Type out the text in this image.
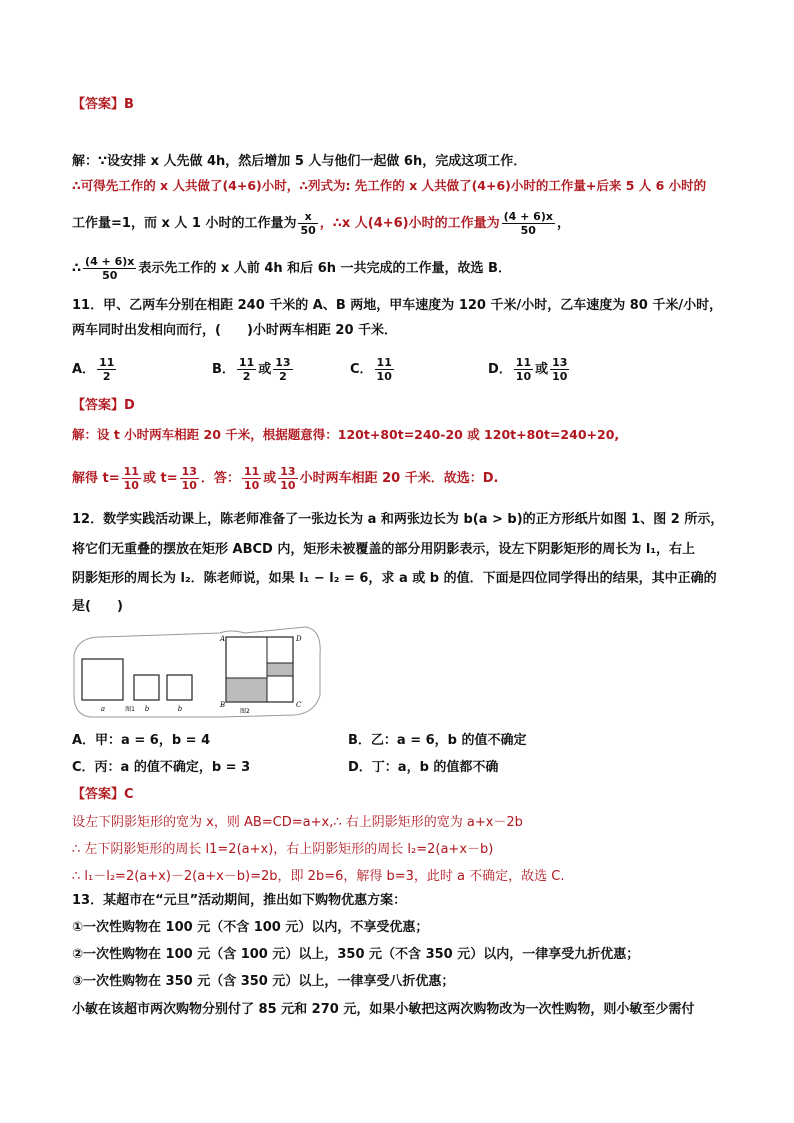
【答案】B
解：∵设安排 x 人先做 4h，然后增加 5 人与他们一起做 6h，完成这项工作．
∴可得先工作的 x 人共做了(4+6)小时，∴列式为: 先工作的 x 人共做了(4+6)小时的工作量+后来 5 人 6 小时的
工作量=1，而 x 人 1 小时的工作量为 $\frac{x}{50}$ ，∴x 人(4+6)小时的工作量为 $\frac{(4 + 6)x}{50}$ ，
∴ $\frac{(4 + 6)x}{50}$ 表示先工作的 x 人前 4h 和后 6h 一共完成的工作量，故选 B．
11．甲、乙两车分别在相距 240 千米的 A、B 两地，甲车速度为 120 千米/小时，乙车速度为 80 千米/小时，
两车同时出发相向而行，(　　)小时两车相距 20 千米．
A． $\frac{11}{2}$	B． $\frac{11}{2}$ 或 $\frac{13}{2}$	C． $\frac{11}{10}$	D． $\frac{11}{10}$ 或 $\frac{13}{10}$
【答案】D
解：设 t 小时两车相距 20 千米，根据题意得：120t+80t=240-20 或 120t+80t=240+20,
解得 $t= \frac{11}{10}$ 或 $t= \frac{13}{10}$ ．答： $\frac{11}{10}$ 或 $\frac{13}{10}$ 小时两车相距 20 千米．故选：D.
12．数学实践活动课上，陈老师准备了一张边长为 a 和两张边长为 b(a > b)的正方形纸片如图 1、图 2 所示，
将它们无重叠的摆放在矩形 ABCD 内，矩形未被覆盖的部分用阴影表示，设左下阴影矩形的周长为 l₁，右上
阴影矩形的周长为 l₂．陈老师说，如果 l₁ − l₂ = 6，求 a 或 b 的值．下面是四位同学得出的结果，其中正确的
是(　　)
a	图1 b	b
A	D
B	C
图2
A．甲：a = 6，b = 4	B．乙：a = 6，b 的值不确定
C．丙：a 的值不确定，b = 3	D．丁：a，b 的值都不确
【答案】C
设左下阴影矩形的宽为 x，则 AB=CD=a+x,∴ 右上阴影矩形的宽为 a+x－2b
∴ 左下阴影矩形的周长 l1=2(a+x)，右上阴影矩形的周长 l₂=2(a+x－b)
∴ l₁－l₂=2(a+x)－2(a+x－b)=2b，即 2b=6，解得 b=3，此时 a 不确定，故选 C.
13．某超市在“元旦”活动期间，推出如下购物优惠方案：
①一次性购物在 100 元（不含 100 元）以内，不享受优惠；
②一次性购物在 100 元（含 100 元）以上，350 元（不含 350 元）以内，一律享受九折优惠；
③一次性购物在 350 元（含 350 元）以上，一律享受八折优惠；
小敏在该超市两次购物分别付了 85 元和 270 元，如果小敏把这两次购物改为一次性购物，则小敏至少需付
